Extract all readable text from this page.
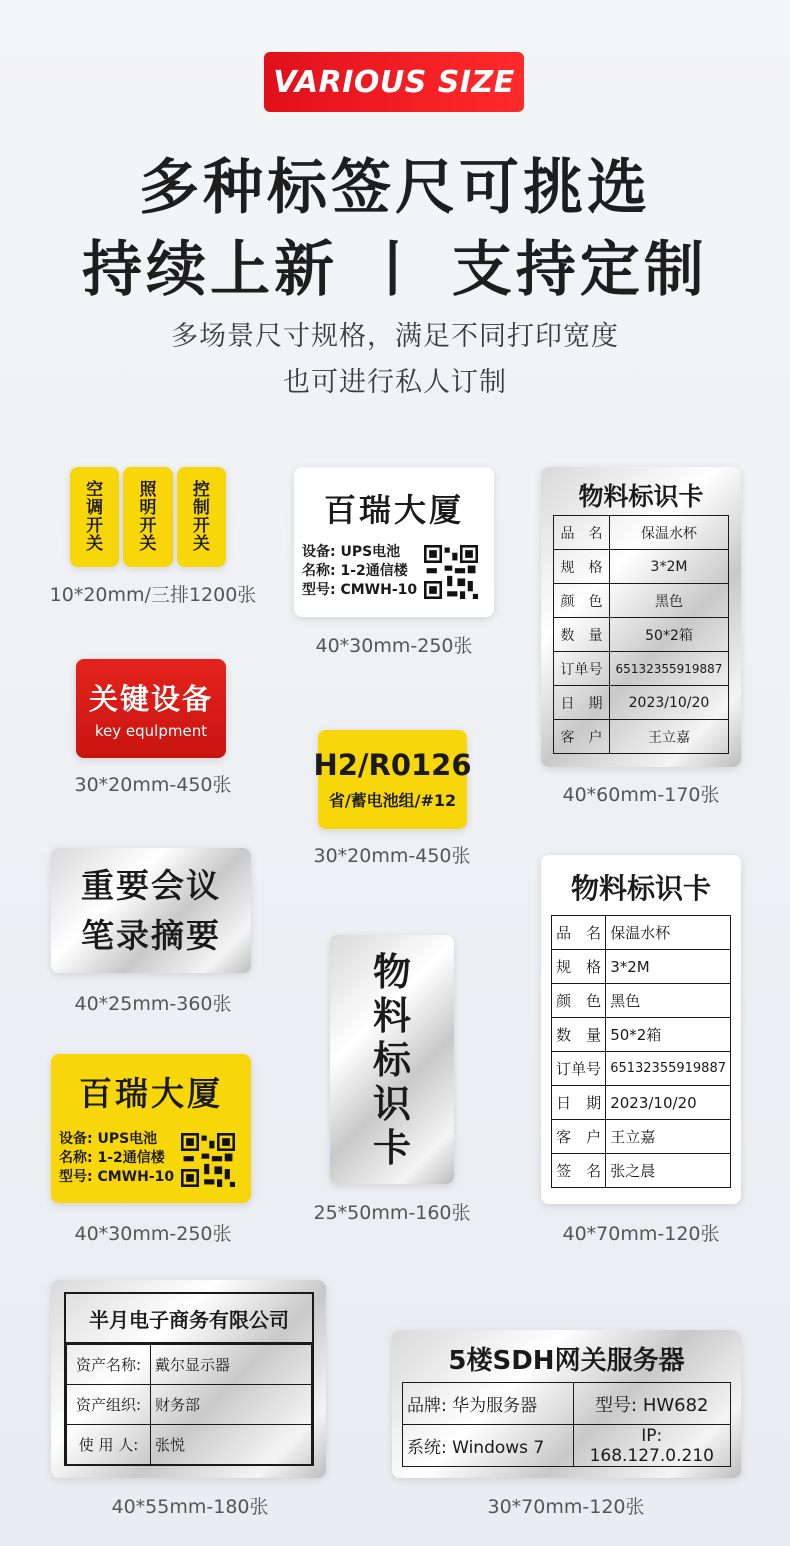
VARIOUS SIZE
多种标签尺可挑选
持续上新 丨 支持定制
多场景尺寸规格，满足不同打印宽度
也可进行私人订制
空
调
开
关
照
明
开
关
控
制
开
关
10*20mm/三排1200张
关键设备
key equlpment
30*20mm-450张
重要会议
笔录摘要
40*25mm-360张
百瑞大厦
设备: UPS电池
名称: 1-2通信楼
型号: CMWH-10
40*30mm-250张
百瑞大厦
设备: UPS电池
名称: 1-2通信楼
型号: CMWH-10
40*30mm-250张
H2/R0126
省/蓄电池组/#12
30*20mm-450张
物
料
标
识
卡
25*50mm-160张
物料标识卡
品　名	保温水杯
规　格	3*2M
颜　色	黑色
数　量	50*2箱
订单号	65132355919887
日　期	2023/10/20
客　户	王立嘉
40*60mm-170张
物料标识卡
品　名	保温水杯
规　格	3*2M
颜　色	黑色
数　量	50*2箱
订单号	65132355919887
日　期	2023/10/20
客　户	王立嘉
签　名	张之晨
40*70mm-120张
半月电子商务有限公司
资产名称:	戴尔显示器
资产组织:	财务部
使 用 人:	张悦
40*55mm-180张
5楼SDH网关服务器
品牌: 华为服务器	型号: HW682
系统: Windows 7	IP: 168.127.0.210
30*70mm-120张
